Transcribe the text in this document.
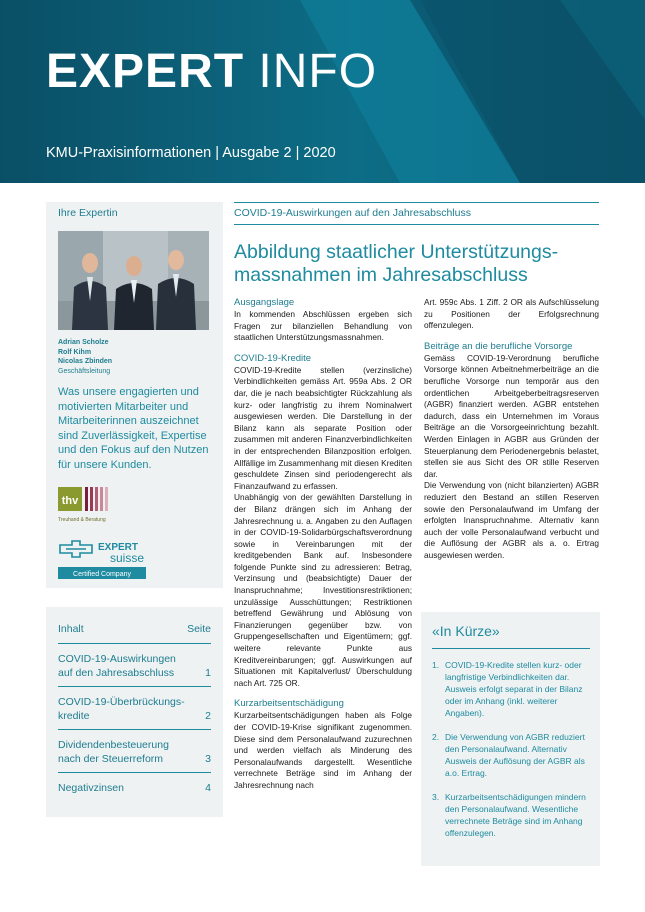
EXPERT INFO
KMU-Praxisinformationen | Ausgabe 2 | 2020
Ihre Expertin
Adrian Scholze
Rolf Kihm
Nicolas Zbinden
Geschäftsleitung
Was unsere engagierten und motivierten Mitarbeiter und Mitarbeiterinnen auszeichnet sind Zuverlässigkeit, Expertise und den Fokus auf den Nutzen für unsere Kunden.
thv
Treuhand & Beratung
EXPERT
suisse
Certified Company
Inhalt	Seite
COVID-19-Auswirkungen auf den Jahresabschluss	1
COVID-19-Überbrückungs-kredite	2
Dividendenbesteuerung nach der Steuerreform	3
Negativzinsen	4
COVID-19-Auswirkungen auf den Jahresabschluss
Abbildung staatlicher Unterstützungs-
massnahmen im Jahresabschluss
Ausgangslage
In kommenden Abschlüssen ergeben sich Fragen zur bilanziellen Behandlung von staatlichen Unterstützungsmassnahmen.
COVID-19-Kredite
COVID-19-Kredite stellen (verzinsliche) Verbindlichkeiten gemäss Art. 959a Abs. 2 OR dar, die je nach beabsichtigter Rückzahlung als kurz- oder langfristig zu ihrem Nominalwert ausgewiesen werden. Die Darstellung in der Bilanz kann als separate Position oder zusammen mit anderen Finanzverbindlichkeiten in der entsprechenden Bilanzposition erfolgen. Allfällige im Zusammenhang mit diesen Krediten geschuldete Zinsen sind periodengerecht als Finanzaufwand zu erfassen.
Unabhängig von der gewählten Darstellung in der Bilanz drängen sich im Anhang der Jahresrechnung u. a. Angaben zu den Auflagen in der COVID-19-Solidarbürgschaftsverordnung sowie in Vereinbarungen mit der kreditgebenden Bank auf. Insbesondere folgende Punkte sind zu adressieren: Betrag, Verzinsung und (beabsichtigte) Dauer der Inanspruchnahme; Investitionsrestriktionen; unzulässige Ausschüttungen; Restriktionen betreffend Gewährung und Ablösung von Finanzierungen gegenüber bzw. von Gruppengesellschaften und Eigentümern; ggf. weitere relevante Punkte aus Kreditvereinbarungen; ggf. Auswirkungen auf Situationen mit Kapitalverlust/ Überschuldung nach Art. 725 OR.
Kurzarbeitsentschädigung
Kurzarbeitsentschädigungen haben als Folge der COVID-19-Krise signifikant zugenommen. Diese sind dem Personalaufwand zuzurechnen und werden vielfach als Minderung des Personalaufwands dargestellt. Wesentliche verrechnete Beträge sind im Anhang der Jahresrechnung nach
Art. 959c Abs. 1 Ziff. 2 OR als Aufschlüsselung zu Positionen der Erfolgsrechnung offenzulegen.
Beiträge an die berufliche Vorsorge
Gemäss COVID-19-Verordnung berufliche Vorsorge können Arbeitnehmerbeiträge an die berufliche Vorsorge nun temporär aus den ordentlichen Arbeitgeberbeitragsreserven (AGBR) finanziert werden. AGBR entstehen dadurch, dass ein Unternehmen im Voraus Beiträge an die Vorsorgeeinrichtung bezahlt. Werden Einlagen in AGBR aus Gründen der Steuerplanung dem Periodenergebnis belastet, stellen sie aus Sicht des OR stille Reserven dar.
Die Verwendung von (nicht bilanzierten) AGBR reduziert den Bestand an stillen Reserven sowie den Personalaufwand im Umfang der erfolgten Inanspruchnahme. Alternativ kann auch der volle Personalaufwand verbucht und die Auflösung der AGBR als a. o. Ertrag ausgewiesen werden.
«In Kürze»
1. COVID-19-Kredite stellen kurz- oder langfristige Verbindlichkeiten dar. Ausweis erfolgt separat in der Bilanz oder im Anhang (inkl. weiterer Angaben).
2. Die Verwendung von AGBR reduziert den Personalaufwand. Alternativ Ausweis der Auflösung der AGBR als a.o. Ertrag.
3. Kurzarbeitsentschädigungen mindern den Personalaufwand. Wesentliche verrechnete Beträge sind im Anhang offenzulegen.
